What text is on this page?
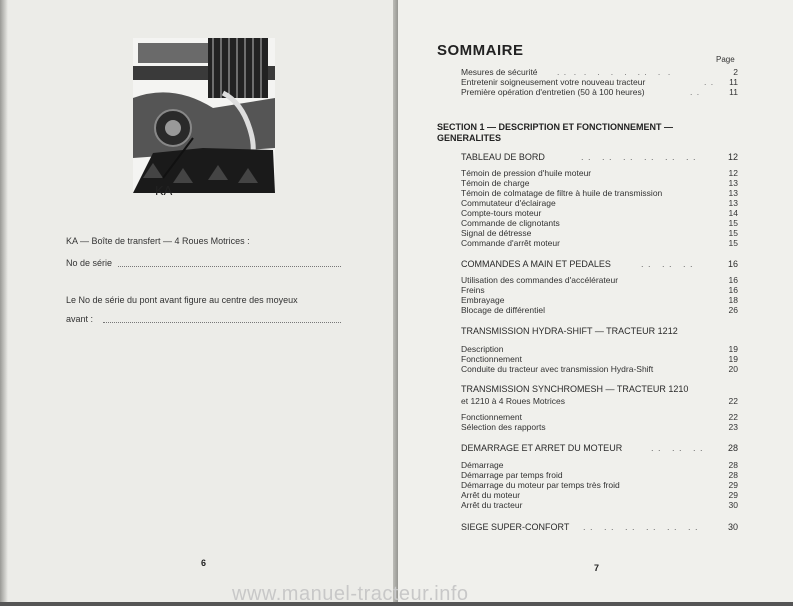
KA
KA — Boîte de transfert — 4 Roues Motrices :
No de série
Le No de série du pont avant figure au centre des moyeux
avant :
6
SOMMAIRE
Page
Mesures de sécurité . .  .  .   .   .   .   . .   .  .	2
Entretenir soigneusement votre nouveau tracteur	. . 11
Première opération d'entretien (50 à 100 heures)	. .	11
SECTION 1 — DESCRIPTION ET FONCTIONNEMENT —
GENERALITES
TABLEAU DE BORD	. .   . .   . .   . .   . .   . .	12
Témoin de pression d'huile moteur	12
Témoin de charge	13
Témoin de colmatage de filtre à huile de transmission	13
Commutateur d'éclairage	13
Compte-tours moteur	14
Commande de clignotants	15
Signal de détresse	15
Commande d'arrêt moteur	15
COMMANDES A MAIN ET PEDALES	. .   . .   . .	16
Utilisation des commandes d'accélérateur	16
Freins	16
Embrayage	18
Blocage de différentiel	26
TRANSMISSION HYDRA-SHIFT — TRACTEUR 1212
Description	19
Fonctionnement	19
Conduite du tracteur avec transmission Hydra-Shift	20
TRANSMISSION SYNCHROMESH — TRACTEUR 1210
et 1210 à 4 Roues Motrices	22
Fonctionnement	22
Sélection des rapports	23
DEMARRAGE ET ARRET DU MOTEUR	. .   . .   . .	28
Démarrage	28
Démarrage par temps froid	28
Démarrage du moteur par temps très froid	29
Arrêt du moteur	29
Arrêt du tracteur	30
SIEGE SUPER-CONFORT . .   . .   . .   . .   . .   . .	30
7
www.manuel-tracteur.info
